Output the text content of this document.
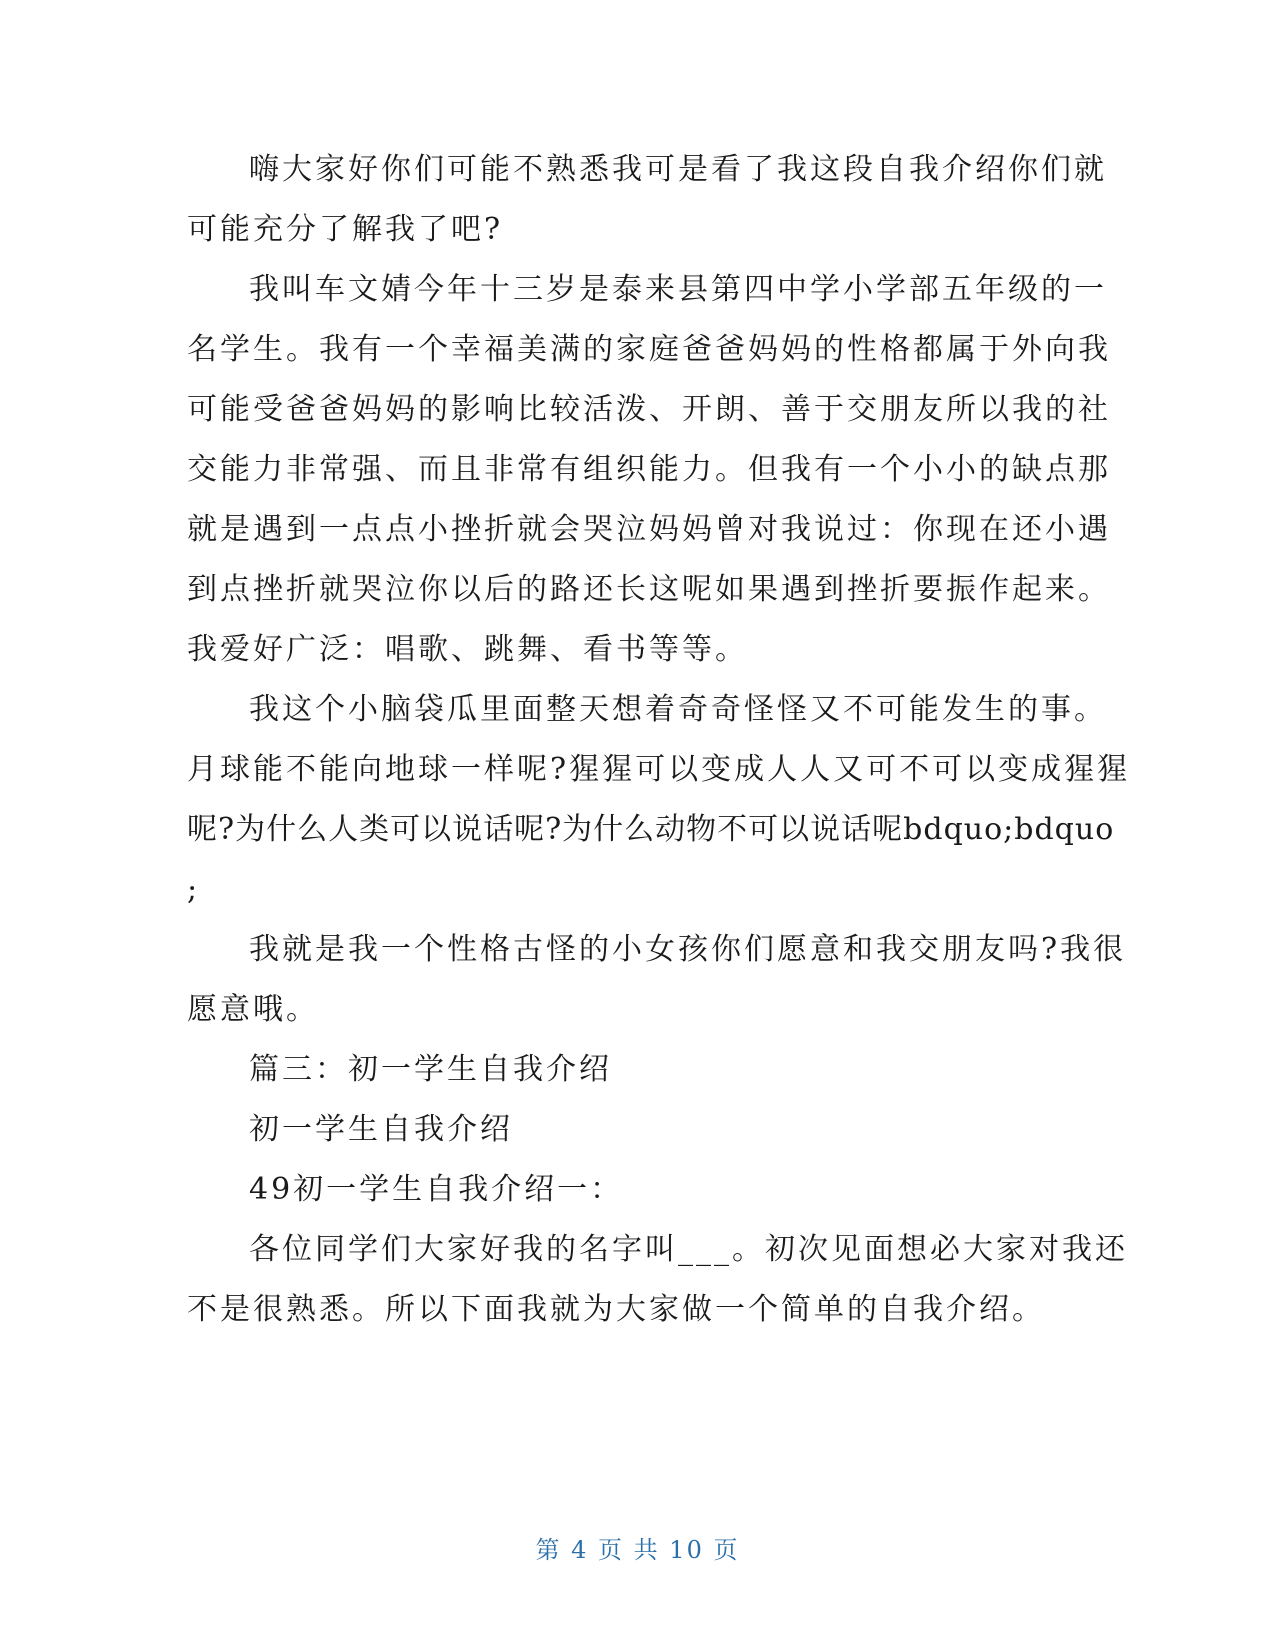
嗨大家好你们可能不熟悉我可是看了我这段自我介绍你们就
可能充分了解我了吧?
我叫车文婧今年十三岁是泰来县第四中学小学部五年级的一
名学生。我有一个幸福美满的家庭爸爸妈妈的性格都属于外向我
可能受爸爸妈妈的影响比较活泼、开朗、善于交朋友所以我的社
交能力非常强、而且非常有组织能力。但我有一个小小的缺点那
就是遇到一点点小挫折就会哭泣妈妈曾对我说过：你现在还小遇
到点挫折就哭泣你以后的路还长这呢如果遇到挫折要振作起来。
我爱好广泛：唱歌、跳舞、看书等等。
我这个小脑袋瓜里面整天想着奇奇怪怪又不可能发生的事。
月球能不能向地球一样呢?猩猩可以变成人人又可不可以变成猩猩
呢?为什么人类可以说话呢?为什么动物不可以说话呢bdquo;bdquo
;
我就是我一个性格古怪的小女孩你们愿意和我交朋友吗?我很
愿意哦。
篇三：初一学生自我介绍
初一学生自我介绍
49初一学生自我介绍一：
各位同学们大家好我的名字叫___。初次见面想必大家对我还
不是很熟悉。所以下面我就为大家做一个简单的自我介绍。
第 4 页 共 10 页
